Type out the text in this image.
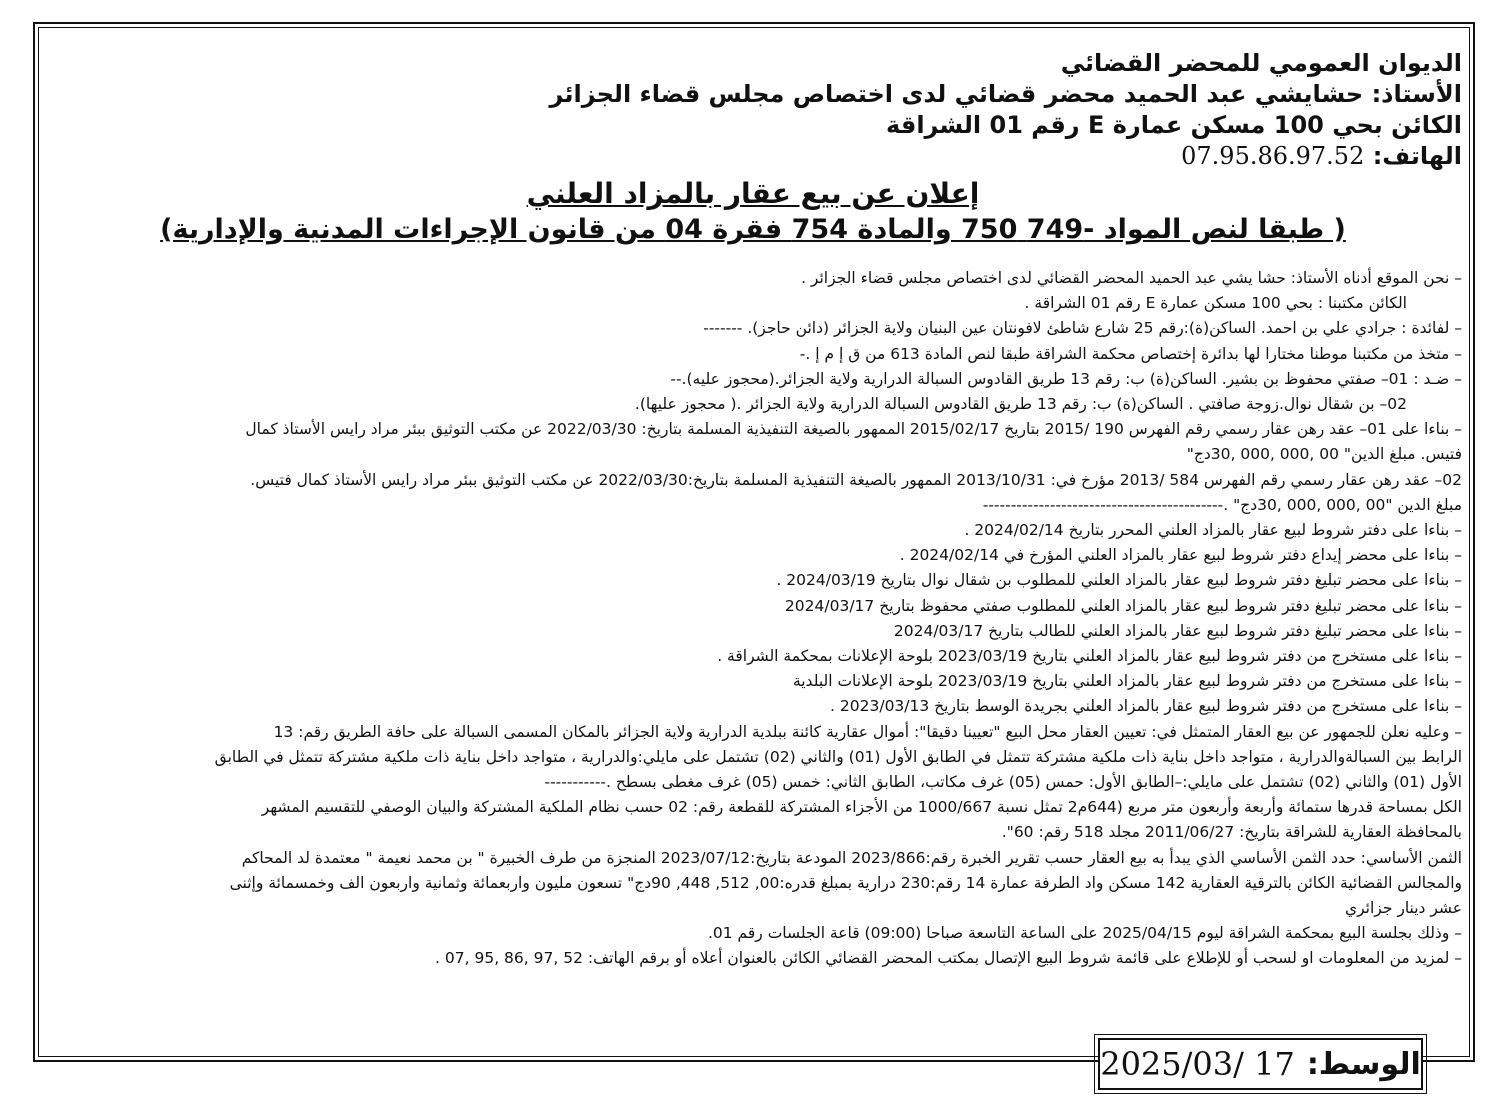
الديوان العمومي للمحضر القضائي
الأستاذ: حشايشي عبد الحميد محضر قضائي لدى اختصاص مجلس قضاء الجزائر
الكائن بحي 100 مسكن عمارة E رقم 01 الشراقة
الهاتف: 07.95.86.97.52
إعلان عن بيع عقار بالمزاد العلني
( طبقا لنص المواد -749 750 والمادة 754 فقرة 04 من قانون الإجراءات المدنية والإدارية)
– نحن الموقع أدناه الأستاذ: حشا يشي عبد الحميد المحضر القضائي لدى اختصاص مجلس قضاء الجزائر .
الكائن مكتبنا : بحي 100 مسكن عمارة E رقم 01 الشراقة .
– لفائدة : جرادي علي بن احمد. الساكن(ة):رقم 25 شارع شاطئ لافونتان عين البنيان ولاية الجزائر (دائن حاجز). -------
– متخذ من مكتبنا موطنا مختارا لها بدائرة إختصاص محكمة الشراقة طبقا لنص المادة 613 من ق إ م إ .-
– ضـد : 01– صفتي محفوظ بن بشير. الساكن(ة) ب: رقم 13 طريق القادوس السبالة الدرارية ولاية الجزائر.(محجوز عليه).--
02– بن شقال نوال.زوجة صافتي . الساكن(ة) ب: رقم 13 طريق القادوس السبالة الدرارية ولاية الجزائر .( محجوز عليها).
– بناءا على 01– عقد رهن عقار رسمي رقم الفهرس 190 /2015 بتاريخ 2015/02/17 الممهور بالصيغة التنفيذية المسلمة بتاريخ: 2022/03/30 عن مكتب التوثيق ببئر مراد رايس الأستاذ كمال
فتيس. مبلغ الدين" 00 ,000 ,000 ,30دج"
02– عقد رهن عقار رسمي رقم الفهرس 584 /2013 مؤرخ في: 2013/10/31 الممهور بالصيغة التنفيذية المسلمة بتاريخ:2022/03/30 عن مكتب التوثيق ببئر مراد رايس الأستاذ كمال فتيس.
مبلغ الدين "00 ,000 ,000 ,30دج" .-------------------------------------------
– بناءا على دفتر شروط لبيع عقار بالمزاد العلني المحرر بتاريخ 2024/02/14 .
– بناءا على محضر إيداع دفتر شروط لبيع عقار بالمزاد العلني المؤرخ في 2024/02/14 .
– بناءا على محضر تبليغ دفتر شروط لبيع عقار بالمزاد العلني للمطلوب بن شقال نوال بتاريخ 2024/03/19 .
– بناءا على محضر تبليغ دفتر شروط لبيع عقار بالمزاد العلني للمطلوب صفتي محفوظ بتاريخ 2024/03/17
– بناءا على محضر تبليغ دفتر شروط لبيع عقار بالمزاد العلني للطالب بتاريخ 2024/03/17
– بناءا على مستخرج من دفتر شروط لبيع عقار بالمزاد العلني بتاريخ 2023/03/19 بلوحة الإعلانات بمحكمة الشراقة .
– بناءا على مستخرج من دفتر شروط لبيع عقار بالمزاد العلني بتاريخ 2023/03/19 بلوحة الإعلانات البلدية
– بناءا على مستخرج من دفتر شروط لبيع عقار بالمزاد العلني بجريدة الوسط بتاريخ 2023/03/13 .
– وعليه نعلن للجمهور عن بيع العقار المتمثل في: تعيين العقار محل البيع "تعيينا دقيقا": أموال عقارية كائنة ببلدية الدرارية ولاية الجزائر بالمكان المسمى السبالة على حافة الطريق رقم: 13
الرابط بين السبالةوالدرارية ، متواجد داخل بناية ذات ملكية مشتركة تتمثل في الطابق الأول (01) والثاني (02) تشتمل على مايلي:والدرارية ، متواجد داخل بناية ذات ملكية مشتركة تتمثل في الطابق
الأول (01) والثاني (02) تشتمل على مايلي:–الطابق الأول: حمس (05) غرف مكاتب، الطابق الثاني: خمس (05) غرف مغطى بسطح .-----------
الكل بمساحة قدرها ستمائة وأربعة وأربعون متر مربع (644م2 تمثل نسبة 1000/667 من الأجزاء المشتركة للقطعة رقم: 02 حسب نظام الملكية المشتركة والبيان الوصفي للتقسيم المشهر
بالمحافظة العقارية للشراقة بتاريخ: 2011/06/27 مجلد 518 رقم: 60".
الثمن الأساسي: حدد الثمن الأساسي الذي يبدأ به بيع العقار حسب تقرير الخبرة رقم:2023/866 المودعة بتاريخ:2023/07/12 المنجزة من طرف الخبيرة " بن محمد نعيمة " معتمدة لد المحاكم
والمجالس القضائية الكائن بالترقية العقارية 142 مسكن واد الطرفة عمارة 14 رقم:230 درارية بمبلغ قدره:00, 512, 448, 90دج" تسعون مليون واربعمائة وثمانية واربعون الف وخمسمائة وإثنى
عشر دينار جزائري
– وذلك بجلسة البيع بمحكمة الشراقة ليوم 2025/04/15 على الساعة التاسعة صباحا (09:00) قاعة الجلسات رقم 01.
– لمزيد من المعلومات او لسحب أو للإطلاع على قائمة شروط البيع الإتصال بمكتب المحضر القضائي الكائن بالعنوان أعلاه أو برقم الهاتف: 52 ,97 ,86 ,95 ,07 .
الوسط:
2025/03/ 17
